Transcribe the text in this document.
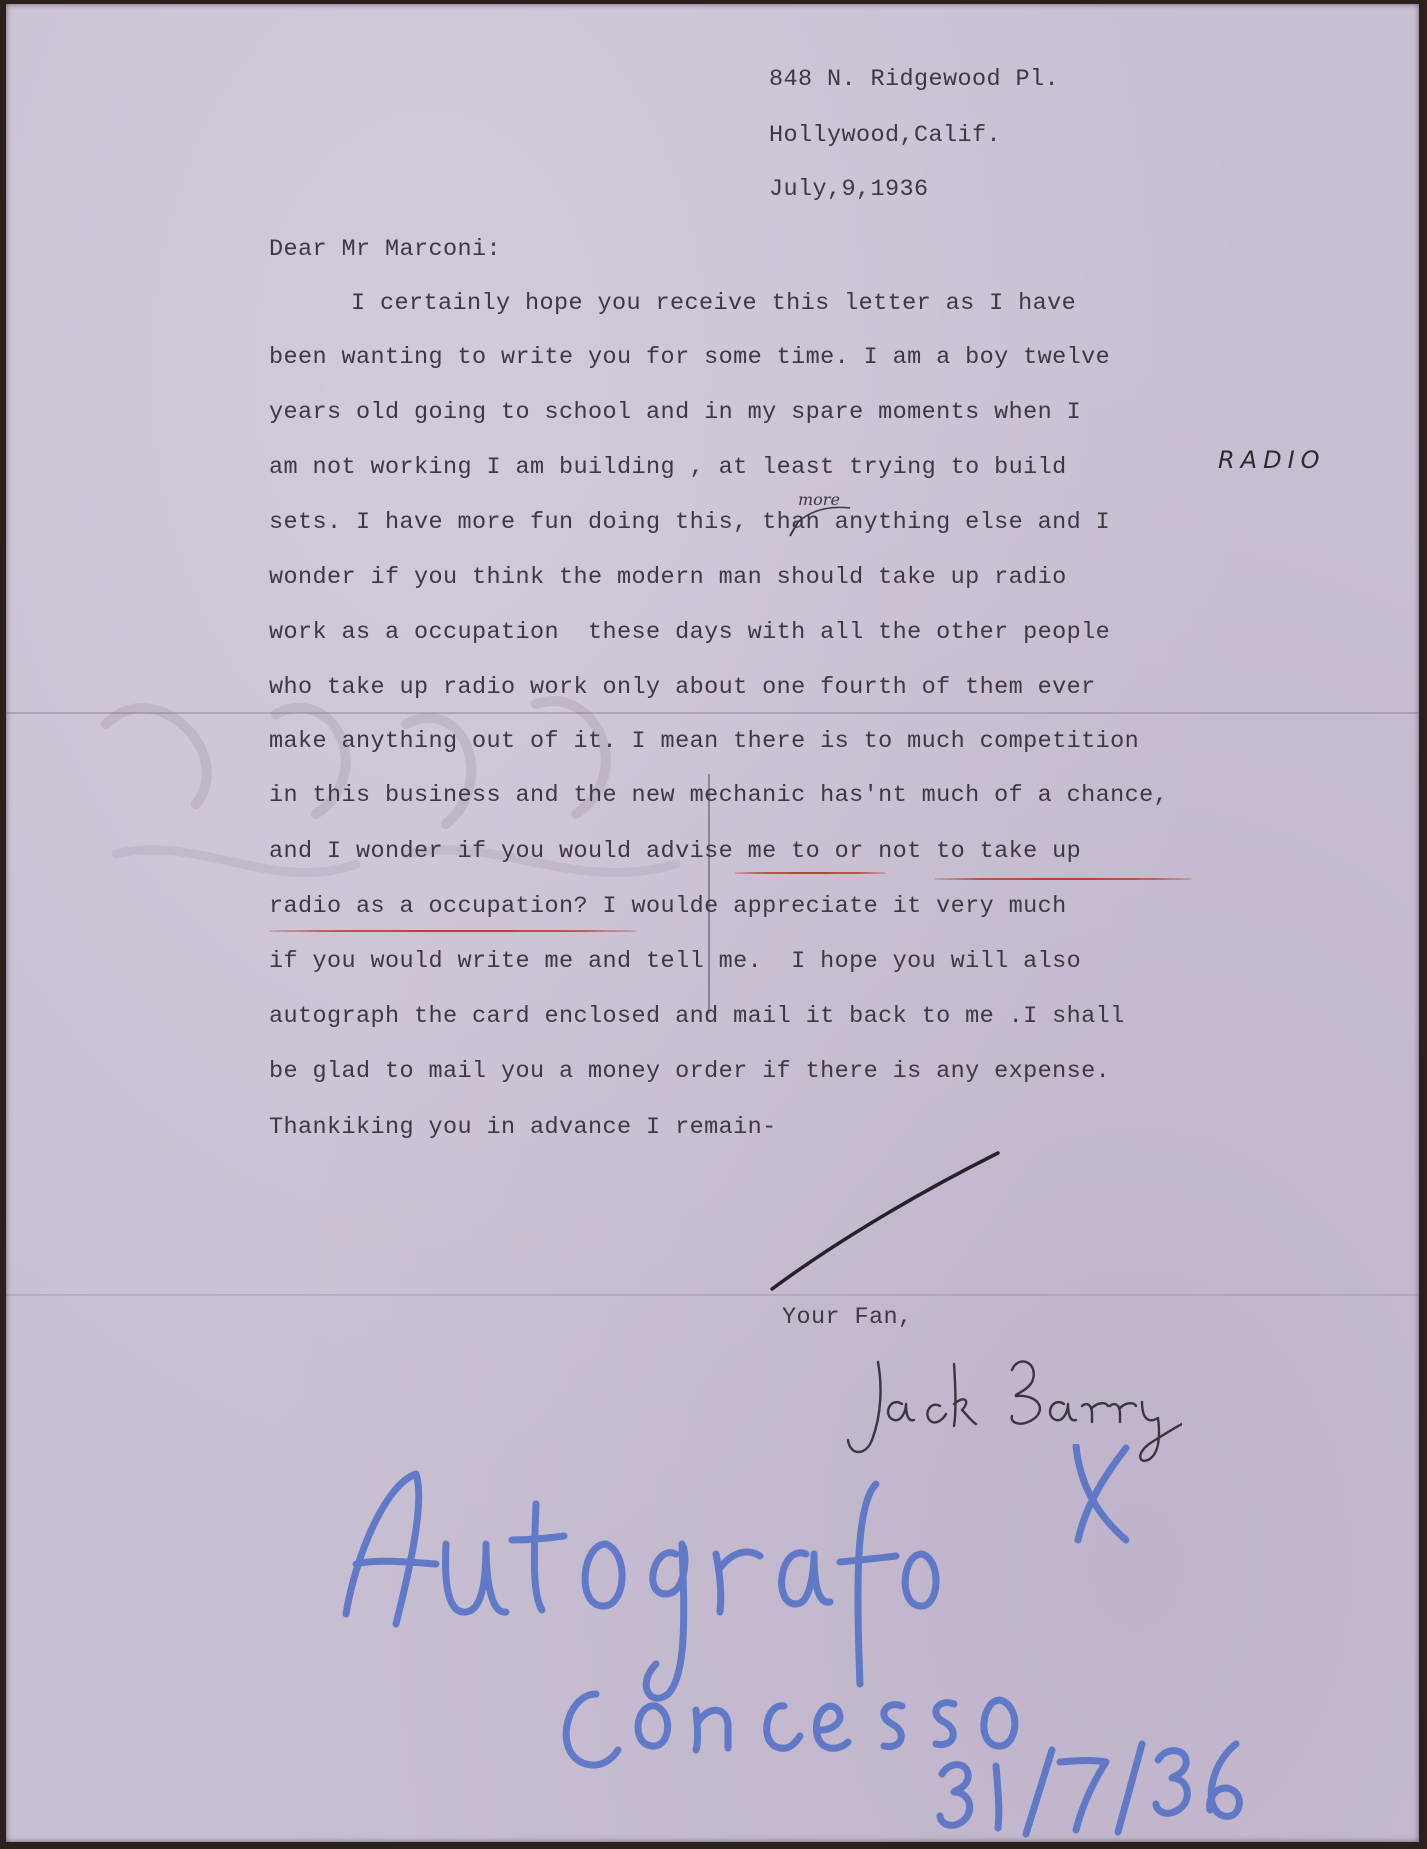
848 N. Ridgewood Pl.
Hollywood,Calif.
July,9,1936
Dear Mr Marconi:
I certainly hope you receive this letter as I have
been wanting to write you for some time. I am a boy twelve
years old going to school and in my spare moments when I
am not working I am building , at least trying to build
sets. I have more fun doing this, than anything else and I
wonder if you think the modern man should take up radio
work as a occupation  these days with all the other people
who take up radio work only about one fourth of them ever
make anything out of it. I mean there is to much competition
in this business and the new mechanic has'nt much of a chance,
and I wonder if you would advise me to or not to take up
radio as a occupation? I woulde appreciate it very much
if you would write me and tell me.  I hope you will also
autograph the card enclosed and mail it back to me .I shall
be glad to mail you a money order if there is any expense.
Thankiking you in advance I remain-
RADIO
more
Your Fan,
